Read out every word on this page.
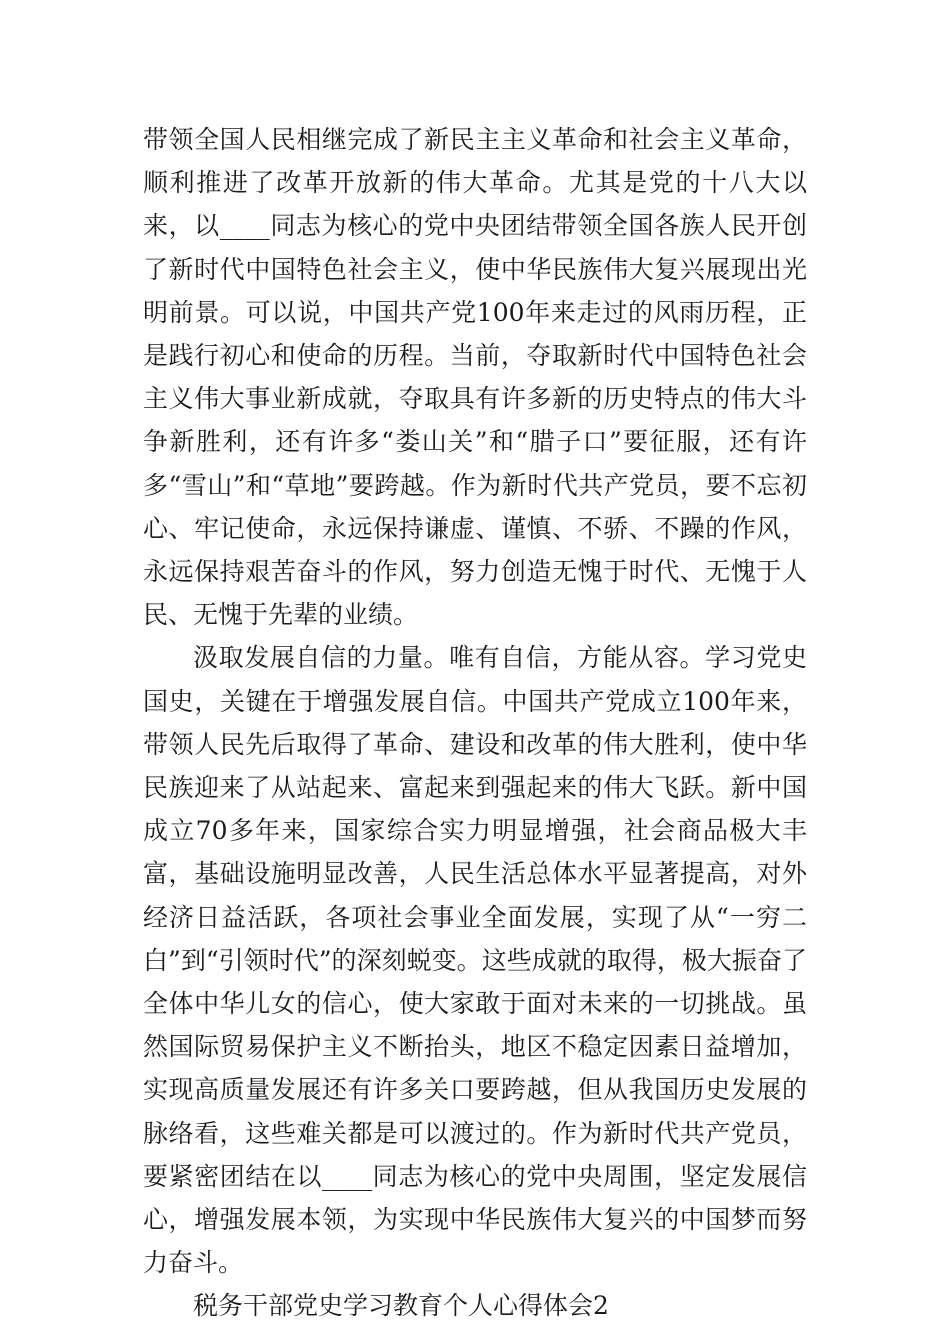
带领全国人民相继完成了新民主主义革命和社会主义革命，顺利推进了改革开放新的伟大革命。尤其是党的十八大以来，以____同志为核心的党中央团结带领全国各族人民开创了新时代中国特色社会主义，使中华民族伟大复兴展现出光明前景。可以说，中国共产党100年来走过的风雨历程，正是践行初心和使命的历程。当前，夺取新时代中国特色社会主义伟大事业新成就，夺取具有许多新的历史特点的伟大斗争新胜利，还有许多“娄山关”和“腊子口”要征服，还有许多“雪山”和“草地”要跨越。作为新时代共产党员，要不忘初心、牢记使命，永远保持谦虚、谨慎、不骄、不躁的作风，永远保持艰苦奋斗的作风，努力创造无愧于时代、无愧于人民、无愧于先辈的业绩。

汲取发展自信的力量。唯有自信，方能从容。学习党史国史，关键在于增强发展自信。中国共产党成立100年来，带领人民先后取得了革命、建设和改革的伟大胜利，使中华民族迎来了从站起来、富起来到强起来的伟大飞跃。新中国成立70多年来，国家综合实力明显增强，社会商品极大丰富，基础设施明显改善，人民生活总体水平显著提高，对外经济日益活跃，各项社会事业全面发展，实现了从“一穷二白”到“引领时代”的深刻蜕变。这些成就的取得，极大振奋了全体中华儿女的信心，使大家敢于面对未来的一切挑战。虽然国际贸易保护主义不断抬头，地区不稳定因素日益增加，实现高质量发展还有许多关口要跨越，但从我国历史发展的脉络看，这些难关都是可以渡过的。作为新时代共产党员，要紧密团结在以____同志为核心的党中央周围，坚定发展信心，增强发展本领，为实现中华民族伟大复兴的中国梦而努力奋斗。

税务干部党史学习教育个人心得体会2
